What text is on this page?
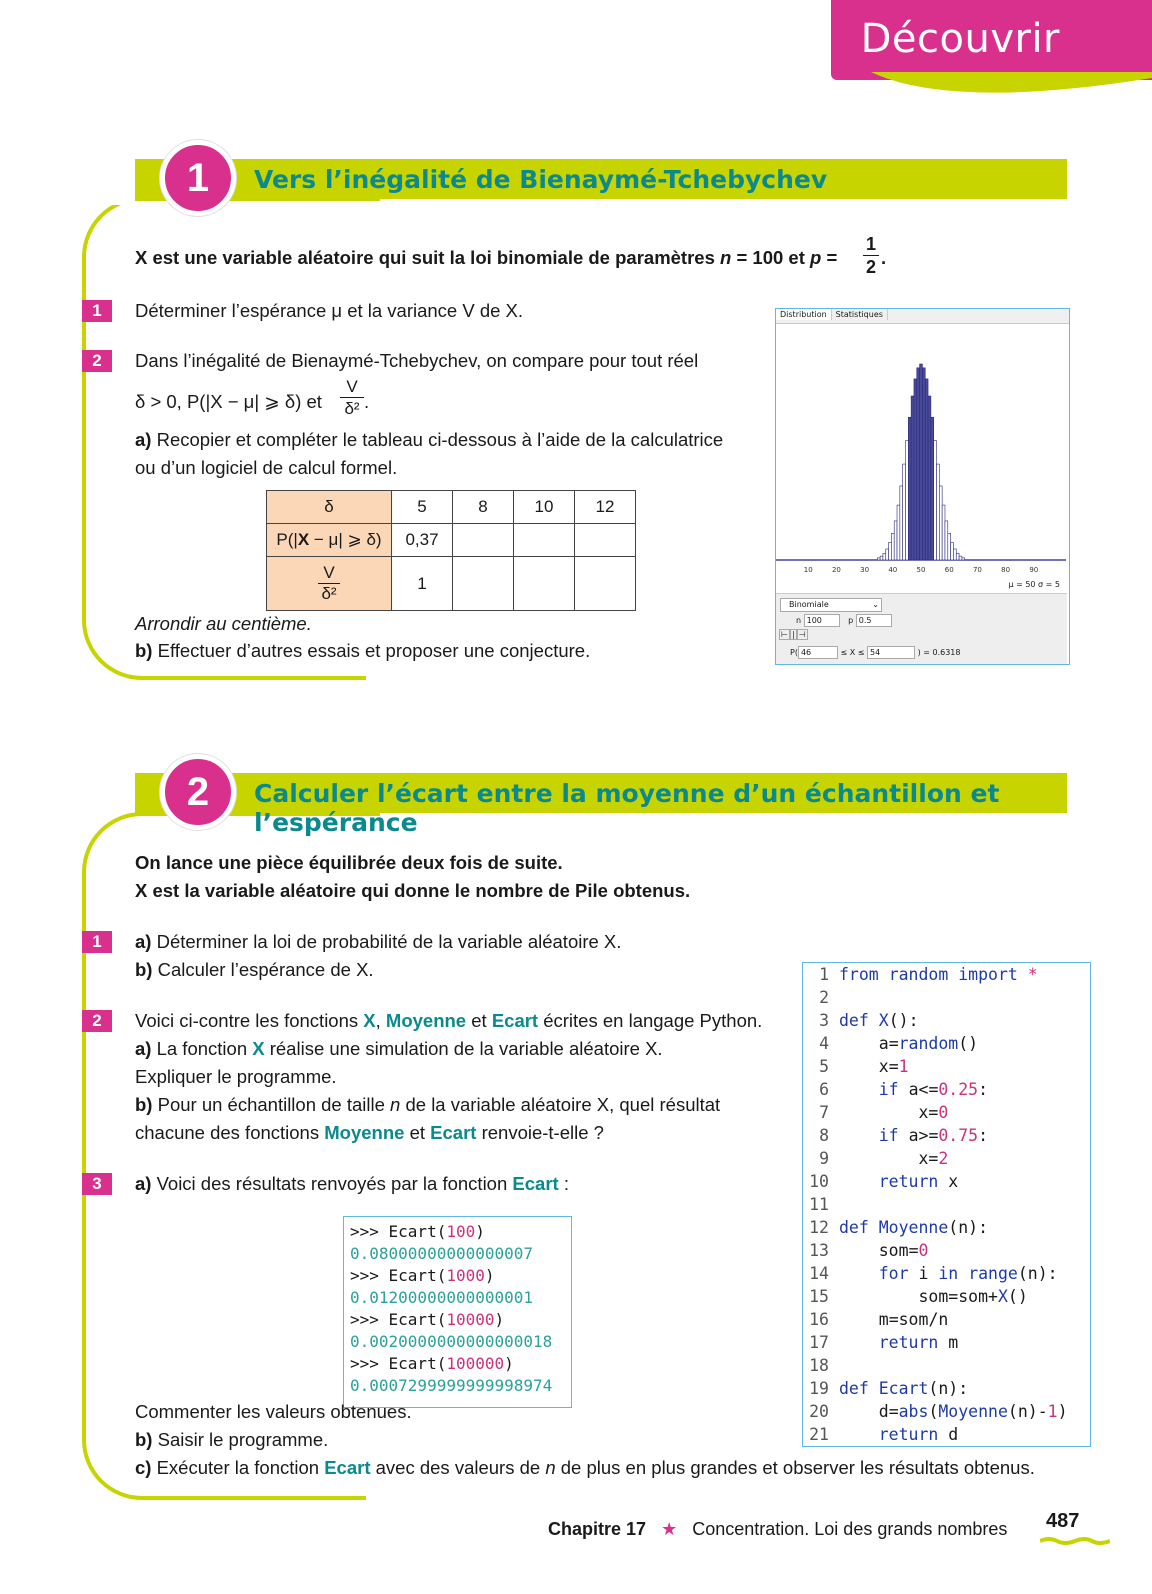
Découvrir
1	Vers l’inégalité de Bienaymé-Tchebychev
X est une variable aléatoire qui suit la loi binomiale de paramètres n = 100 et $p = \frac{1}{2}$ .
1	Déterminer l’espérance μ et la variance V de X.
2	Dans l’inégalité de Bienaymé-Tchebychev, on compare pour tout réel
δ > 0, P(|X − μ| ⩾ δ) et $\frac{V}{\text{δ²}}$ .
a) Recopier et compléter le tableau ci-dessous à l’aide de la calculatrice
ou d’un logiciel de calcul formel.
δ	5	8	10	12
P(|X − μ| ⩾ δ)	0,37			

$\frac{V}{\text{δ²}}$	1			
Arrondir au centième.
b) Effectuer d’autres essais et proposer une conjecture.
Distribution Statistiques
10	20	30	40	50	60	70	80	90
μ = 50 σ = 5
Binomiale	⌄
n 100	p 0.5
⊢ | ⊣
P( 46	≤ X ≤ 54	) = 0.6318
2	Calculer l’écart entre la moyenne d’un échantillon et l’espérance
On lance une pièce équilibrée deux fois de suite.
X est la variable aléatoire qui donne le nombre de Pile obtenus.
1	a) Déterminer la loi de probabilité de la variable aléatoire X.
b) Calculer l’espérance de X.
2	Voici ci-contre les fonctions X, Moyenne et Ecart écrites en langage Python.
a) La fonction X réalise une simulation de la variable aléatoire X.
Expliquer le programme.
b) Pour un échantillon de taille n de la variable aléatoire X, quel résultat
chacune des fonctions Moyenne et Ecart renvoie-t-elle ?
3	a) Voici des résultats renvoyés par la fonction Ecart :
>>> Ecart(100)
0.08000000000000007
>>> Ecart(1000)
0.01200000000000001
>>> Ecart(10000)
0.0020000000000000018
>>> Ecart(100000)
0.0007299999999998974
Commenter les valeurs obtenues.
b) Saisir le programme.
c) Exécuter la fonction Ecart avec des valeurs de n de plus en plus grandes et observer les résultats obtenus.
1 from random import *
2
3 def X():
4	a=random()
5	x=1
6	if a<=0.25:
7	x=0
8	if a>=0.75:
9	x=2
10	return x
11
12 def Moyenne(n):
13	som=0
14	for i in range(n):
15	som=som+X()
16	m=som/n
17	return m
18
19 def Ecart(n):
20	d=abs(Moyenne(n)-1)
21	return d
Chapitre 17 ★ Concentration. Loi des grands nombres 487
